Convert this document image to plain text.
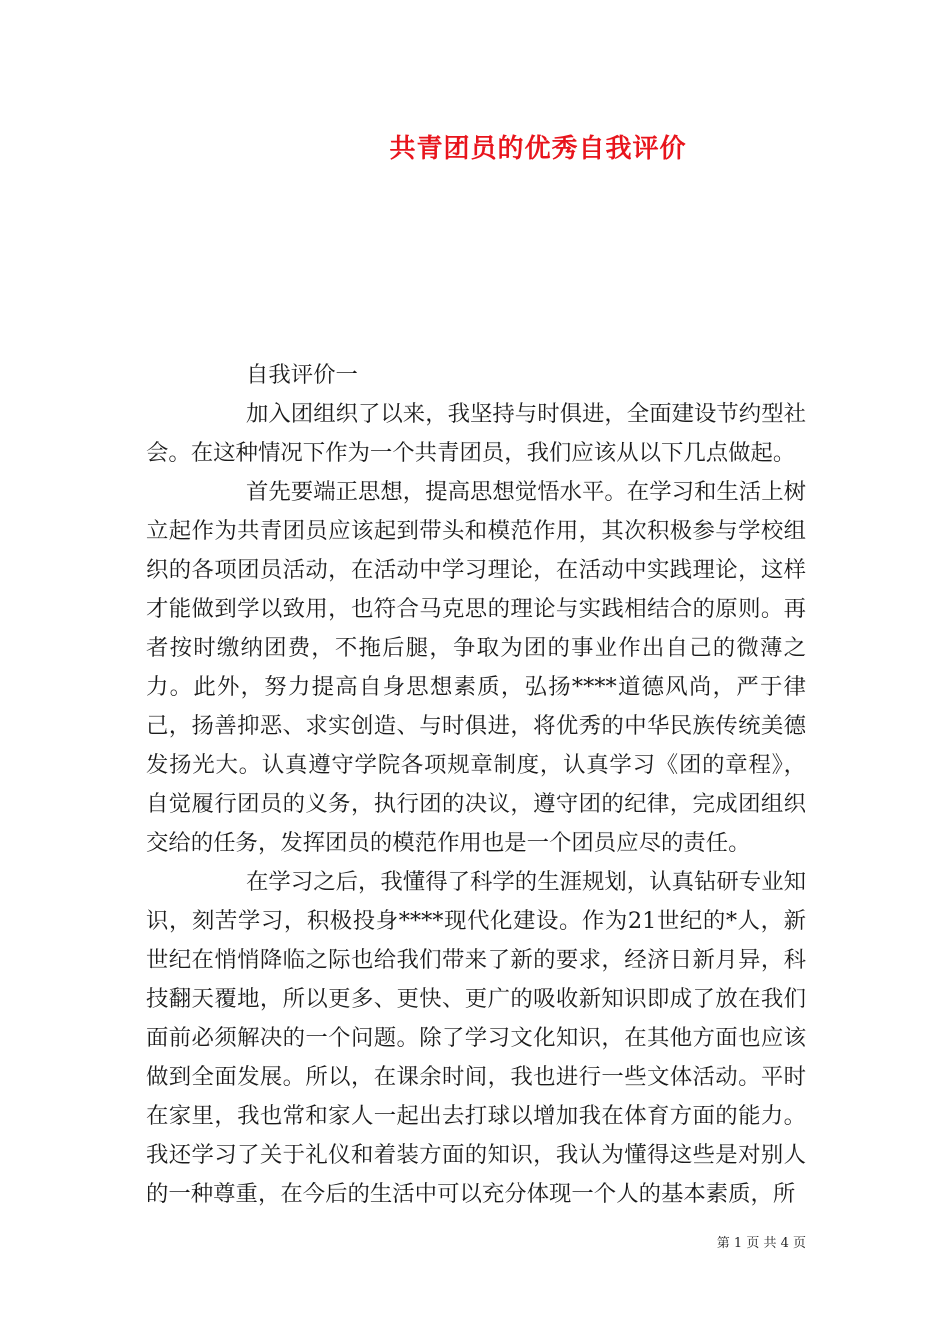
共青团员的优秀自我评价

自我评价一

加入团组织了以来，我坚持与时俱进，全面建设节约型社会。在这种情况下作为一个共青团员，我们应该从以下几点做起。

首先要端正思想，提高思想觉悟水平。在学习和生活上树立起作为共青团员应该起到带头和模范作用，其次积极参与学校组织的各项团员活动，在活动中学习理论，在活动中实践理论，这样才能做到学以致用，也符合马克思的理论与实践相结合的原则。再者按时缴纳团费，不拖后腿，争取为团的事业作出自己的微薄之力。此外，努力提高自身思想素质，弘扬****道德风尚，严于律己，扬善抑恶、求实创造、与时俱进，将优秀的中华民族传统美德发扬光大。认真遵守学院各项规章制度，认真学习《团的章程》，自觉履行团员的义务，执行团的决议，遵守团的纪律，完成团组织交给的任务，发挥团员的模范作用也是一个团员应尽的责任。

在学习之后，我懂得了科学的生涯规划，认真钻研专业知识，刻苦学习，积极投身****现代化建设。作为21世纪的*人，新世纪在悄悄降临之际也给我们带来了新的要求，经济日新月异，科技翻天覆地，所以更多、更快、更广的吸收新知识即成了放在我们面前必须解决的一个问题。除了学习文化知识，在其他方面也应该做到全面发展。所以，在课余时间，我也进行一些文体活动。平时在家里，我也常和家人一起出去打球以增加我在体育方面的能力。我还学习了关于礼仪和着装方面的知识，我认为懂得这些是对别人的一种尊重，在今后的生活中可以充分体现一个人的基本素质，所

第 1 页 共 4 页
